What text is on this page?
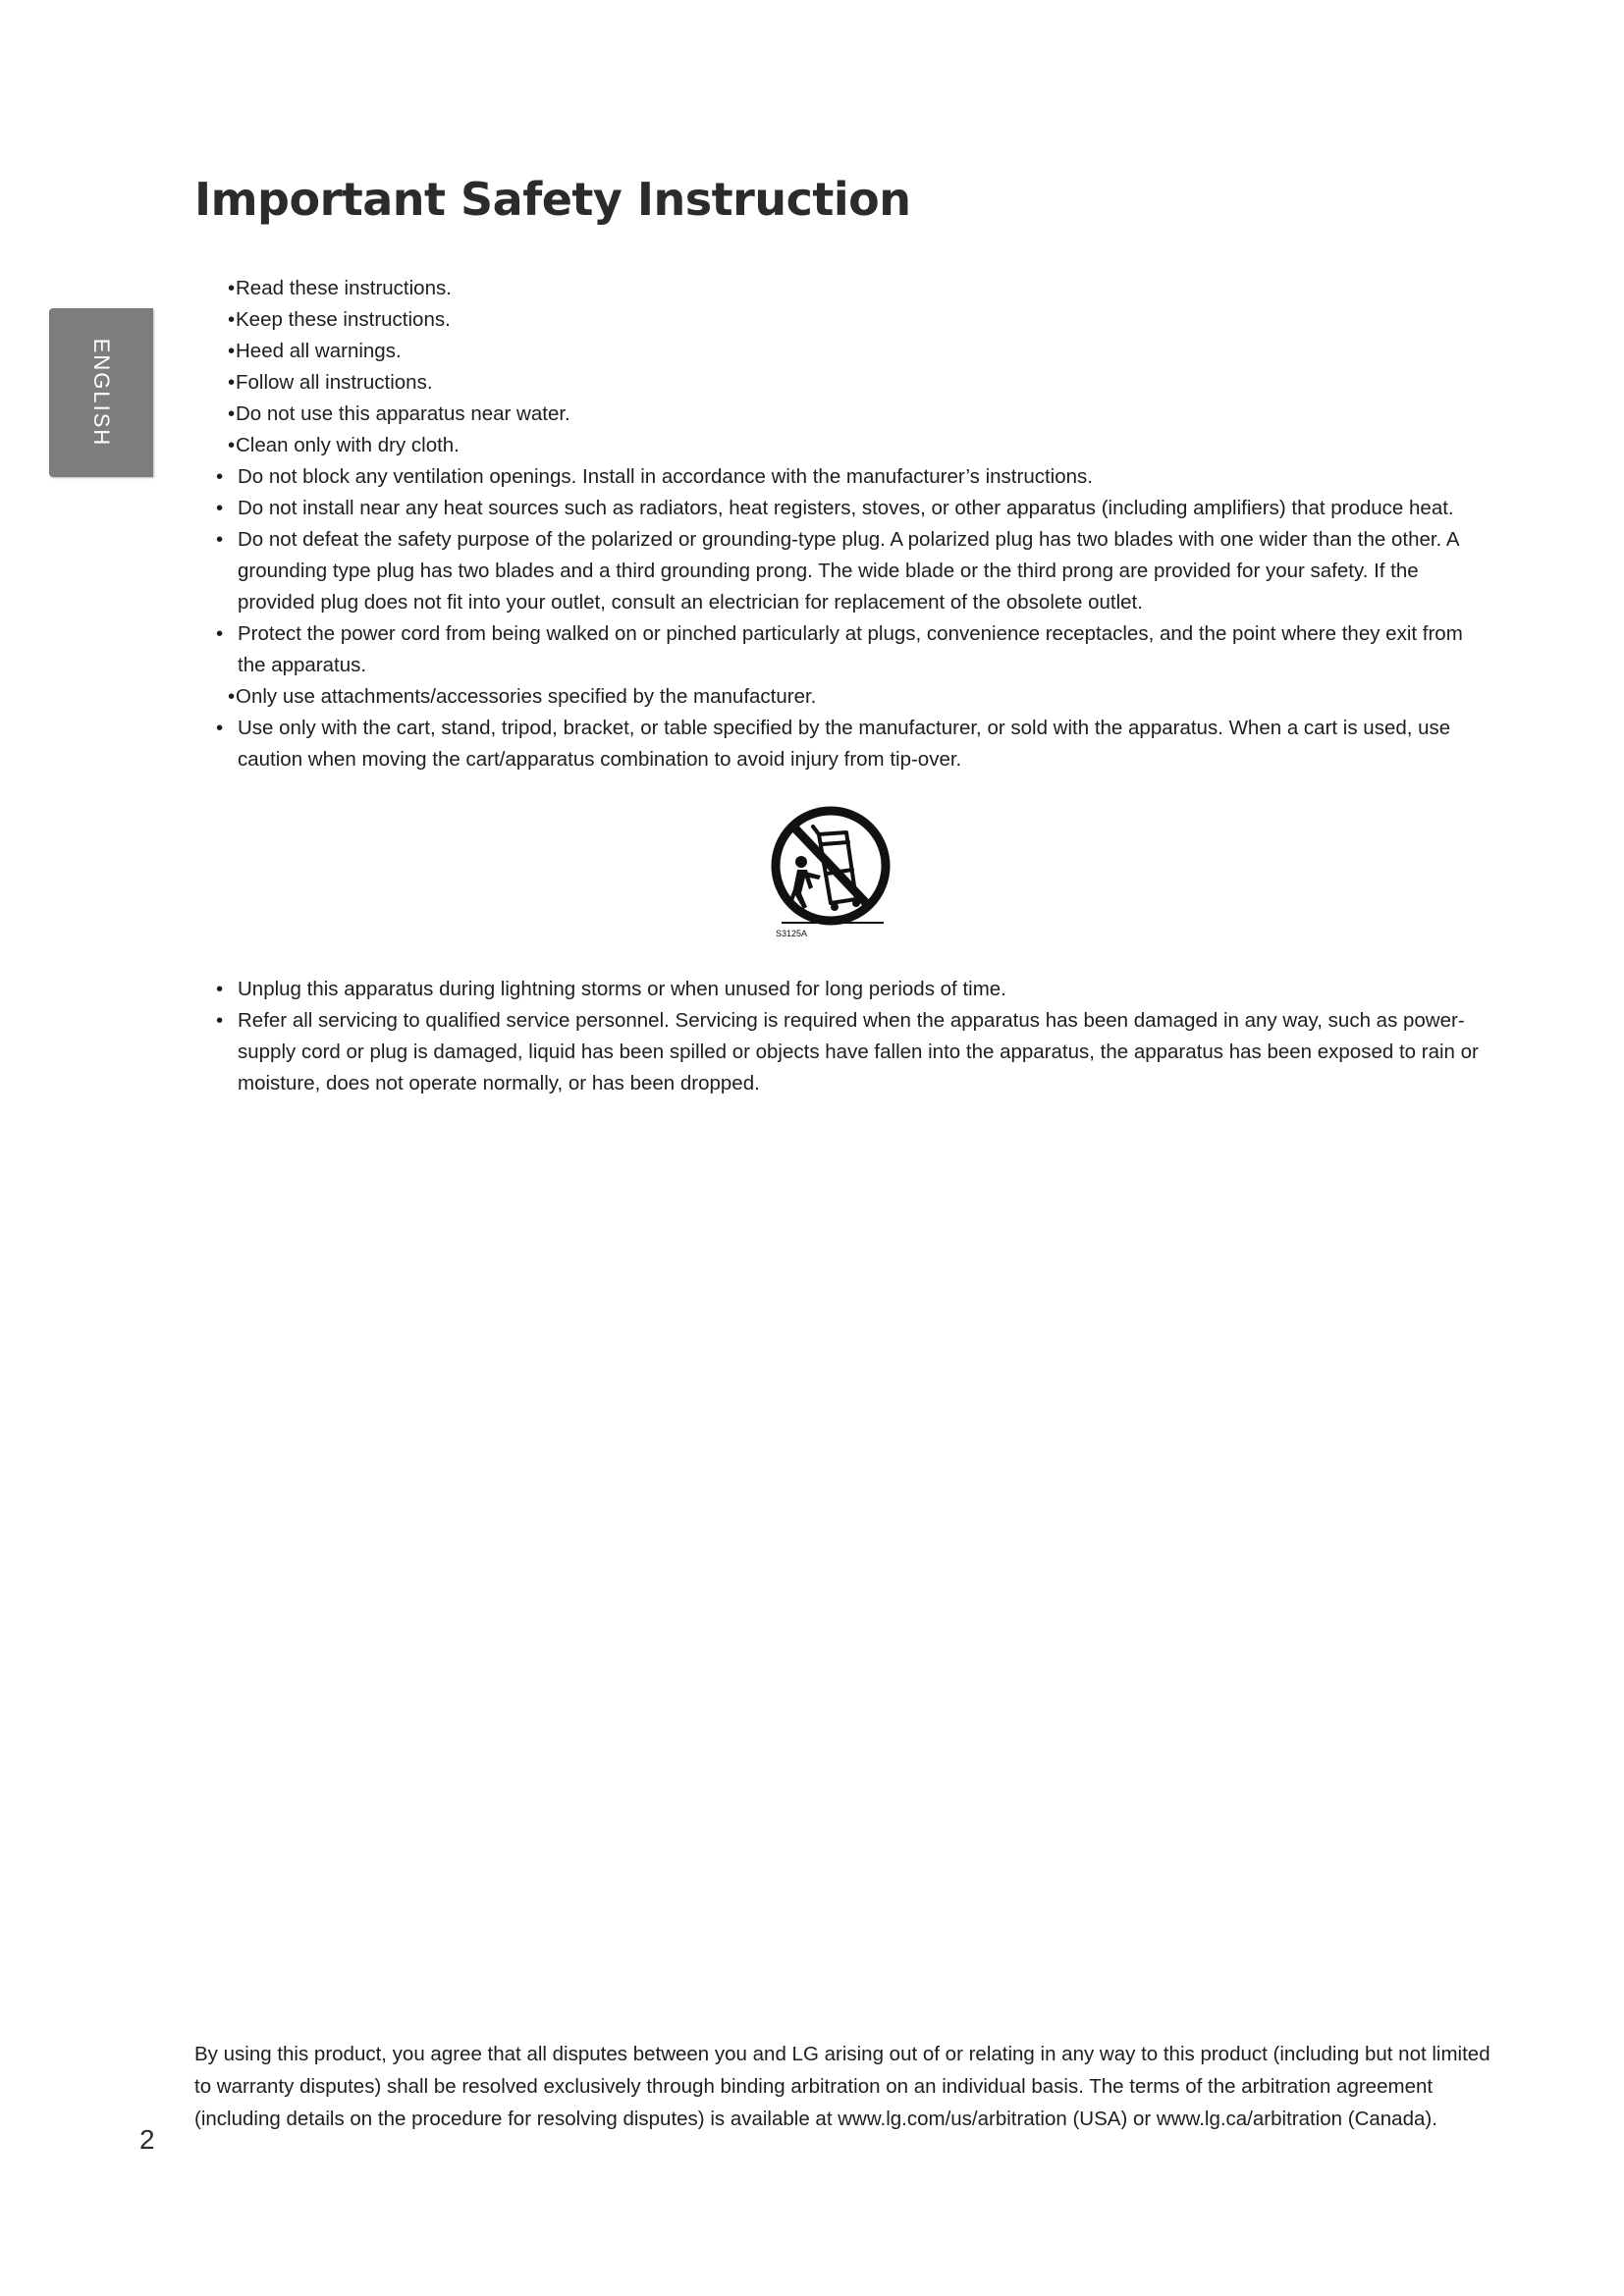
Important Safety Instruction
ENGLISH
• Read these instructions.
• Keep these instructions.
• Heed all warnings.
• Follow all instructions.
• Do not use this apparatus near water.
• Clean only with dry cloth.
• Do not block any ventilation openings. Install in accordance with the manufacturer’s instructions.
• Do not install near any heat sources such as radiators, heat registers, stoves, or other apparatus (including amplifiers) that produce heat.
• Do not defeat the safety purpose of the polarized or grounding-type plug. A polarized plug has two blades with one wider than the other. A grounding type plug has two blades and a third grounding prong. The wide blade or the third prong are provided for your safety. If the provided plug does not fit into your outlet, consult an electrician for replacement of the obsolete outlet.
• Protect the power cord from being walked on or pinched particularly at plugs, convenience receptacles, and the point where they exit from the apparatus.
• Only use attachments/accessories specified by the manufacturer.
• Use only with the cart, stand, tripod, bracket, or table specified by the manufacturer, or sold with the apparatus. When a cart is used, use caution when moving the cart/apparatus combination to avoid injury from tip-over.
S3125A
• Unplug this apparatus during lightning storms or when unused for long periods of time.
• Refer all servicing to qualified service personnel. Servicing is required when the apparatus has been damaged in any way, such as power-supply cord or plug is damaged, liquid has been spilled or objects have fallen into the apparatus, the apparatus has been exposed to rain or moisture, does not operate normally, or has been dropped.
By using this product, you agree that all disputes between you and LG arising out of or relating in any way to this product (including but not limited to warranty disputes) shall be resolved exclusively through binding arbitration on an individual basis. The terms of the arbitration agreement (including details on the procedure for resolving disputes) is available at www.lg.com/us/arbitration (USA) or www.lg.ca/arbitration (Canada).
2
